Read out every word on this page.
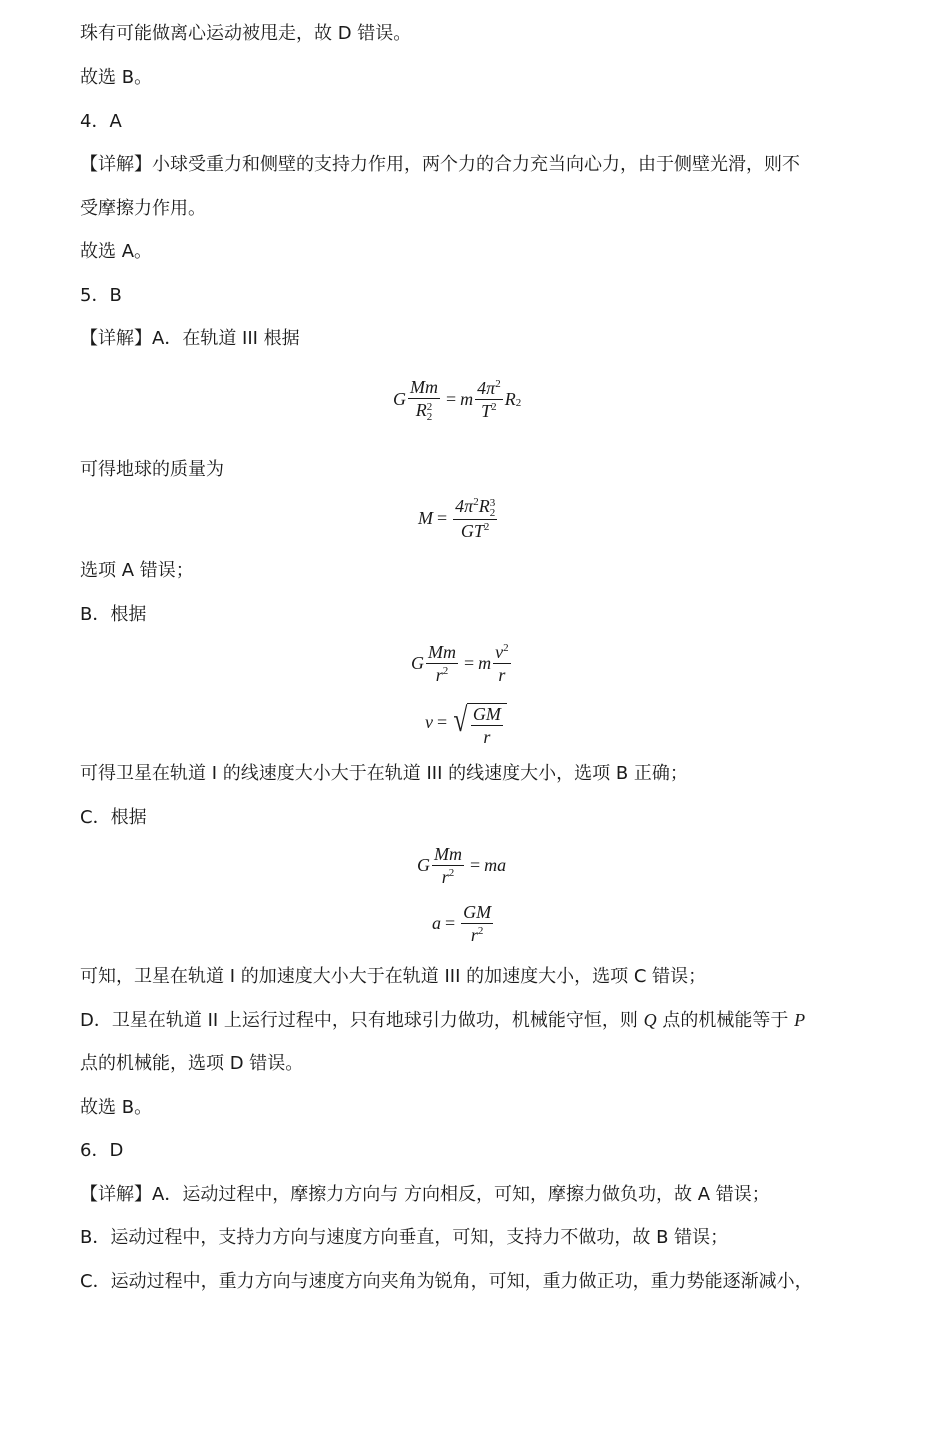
珠有可能做离心运动被甩走，故 D 错误。
故选 B。
4．A
【详解】小球受重力和侧壁的支持力作用，两个力的合力充当向心力，由于侧壁光滑，则不
受摩擦力作用。
故选 A。
5．B
【详解】A．在轨道 III 根据
G Mm
R 2
2 = m $\frac{4\pi^2}{T^2}$ R 2
可得地球的质量为
$M = 4\pi^2R$ 3
2
$GT^2$
选项 A 错误；
B．根据
G $\frac{Mm}{r^2} = m \frac{v^2}{r}$
v = √ $\frac{GM}{r}$
可得卫星在轨道 I 的线速度大小大于在轨道 III 的线速度大小，选项 B 正确；
C．根据
G $\frac{Mm}{r^2}$ = ma
$a = \frac{GM}{r^2}$
可知，卫星在轨道 I 的加速度大小大于在轨道 III 的加速度大小，选项 C 错误；
D．卫星在轨道 II 上运行过程中，只有地球引力做功，机械能守恒，则 Q 点的机械能等于 P
点的机械能，选项 D 错误。
故选 B。
6．D
【详解】A．运动过程中，摩擦力方向与 方向相反，可知，摩擦力做负功，故 A 错误；
B．运动过程中，支持力方向与速度方向垂直，可知，支持力不做功，故 B 错误；
C．运动过程中，重力方向与速度方向夹角为锐角，可知，重力做正功，重力势能逐渐减小，
